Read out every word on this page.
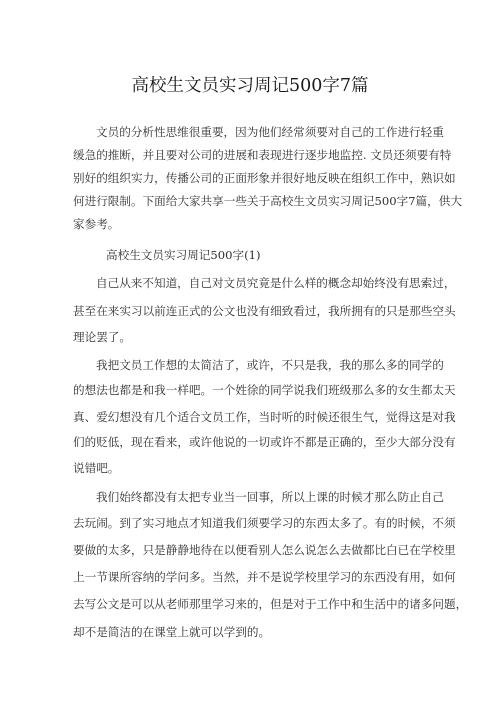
高校生文员实习周记500字7篇
文员的分析性思维很重要，因为他们经常须要对自己的工作进行轻重
缓急的推断，并且要对公司的进展和表现进行逐步地监控. 文员还须要有特
别好的组织实力，传播公司的正面形象并很好地反映在组织工作中，熟识如
何进行限制。下面给大家共享一些关于高校生文员实习周记500字7篇，供大
家参考。
高校生文员实习周记500字(1)
自己从来不知道，自己对文员究竟是什么样的概念却始终没有思索过，
甚至在来实习以前连正式的公文也没有细致看过，我所拥有的只是那些空头
理论罢了。
我把文员工作想的太简洁了，或许，不只是我，我的那么多的同学的
的想法也都是和我一样吧。一个姓徐的同学说我们班级那么多的女生都太天
真、爱幻想没有几个适合文员工作，当时听的时候还很生气，觉得这是对我
们的贬低，现在看来，或许他说的一切或许不都是正确的，至少大部分没有
说错吧。
我们始终都没有太把专业当一回事，所以上课的时候才那么防止自己
去玩闹。到了实习地点才知道我们须要学习的东西太多了。有的时候，不须
要做的太多，只是静静地待在以便看别人怎么说怎么去做都比白已在学校里
上一节课所容纳的学问多。当然，并不是说学校里学习的东西没有用，如何
去写公文是可以从老师那里学习来的，但是对于工作中和生活中的诸多问题，
却不是简洁的在课堂上就可以学到的。
